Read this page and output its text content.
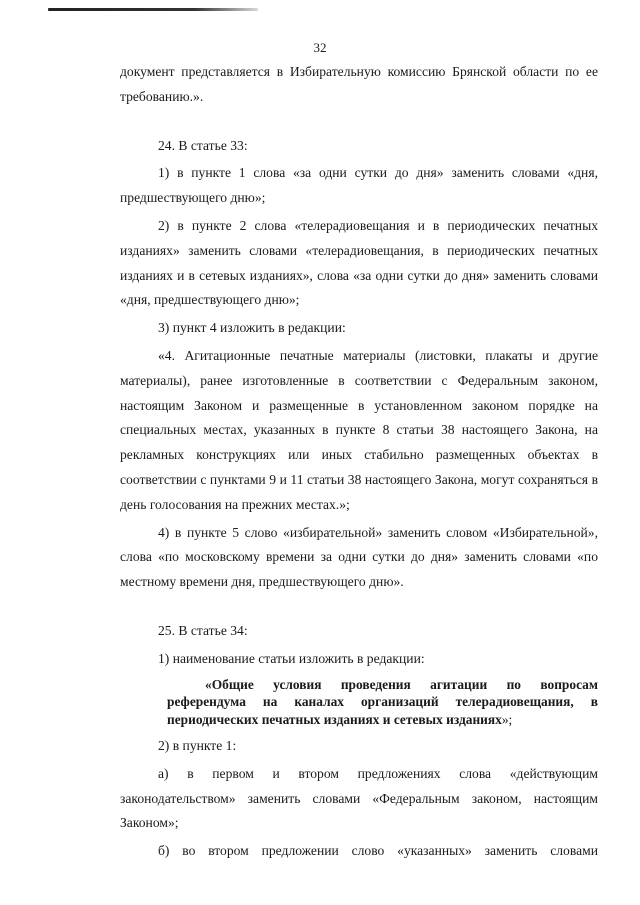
32

документ представляется в Избирательную комиссию Брянской области по ее требованию.».

24. В статье 33:

1) в пункте 1 слова «за одни сутки до дня» заменить словами «дня, предшествующего дню»;

2) в пункте 2 слова «телерадиовещания и в периодических печатных изданиях» заменить словами «телерадиовещания, в периодических печатных изданиях и в сетевых изданиях», слова «за одни сутки до дня» заменить словами «дня, предшествующего дню»;

3) пункт 4 изложить в редакции:

«4. Агитационные печатные материалы (листовки, плакаты и другие материалы), ранее изготовленные в соответствии с Федеральным законом, настоящим Законом и размещенные в установленном законом порядке на специальных местах, указанных в пункте 8 статьи 38 настоящего Закона, на рекламных конструкциях или иных стабильно размещенных объектах в соответствии с пунктами 9 и 11 статьи 38 настоящего Закона, могут сохраняться в день голосования на прежних местах.»;

4) в пункте 5 слово «избирательной» заменить словом «Избирательной», слова «по московскому времени за одни сутки до дня» заменить словами «по местному времени дня, предшествующего дню».

25. В статье 34:

1) наименование статьи изложить в редакции:

«Общие условия проведения агитации по вопросам референдума на каналах организаций телерадиовещания, в периодических печатных изданиях и сетевых изданиях»;

2) в пункте 1:

а) в первом и втором предложениях слова «действующим законодательством» заменить словами «Федеральным законом, настоящим Законом»;

б) во втором предложении слово «указанных» заменить словами
